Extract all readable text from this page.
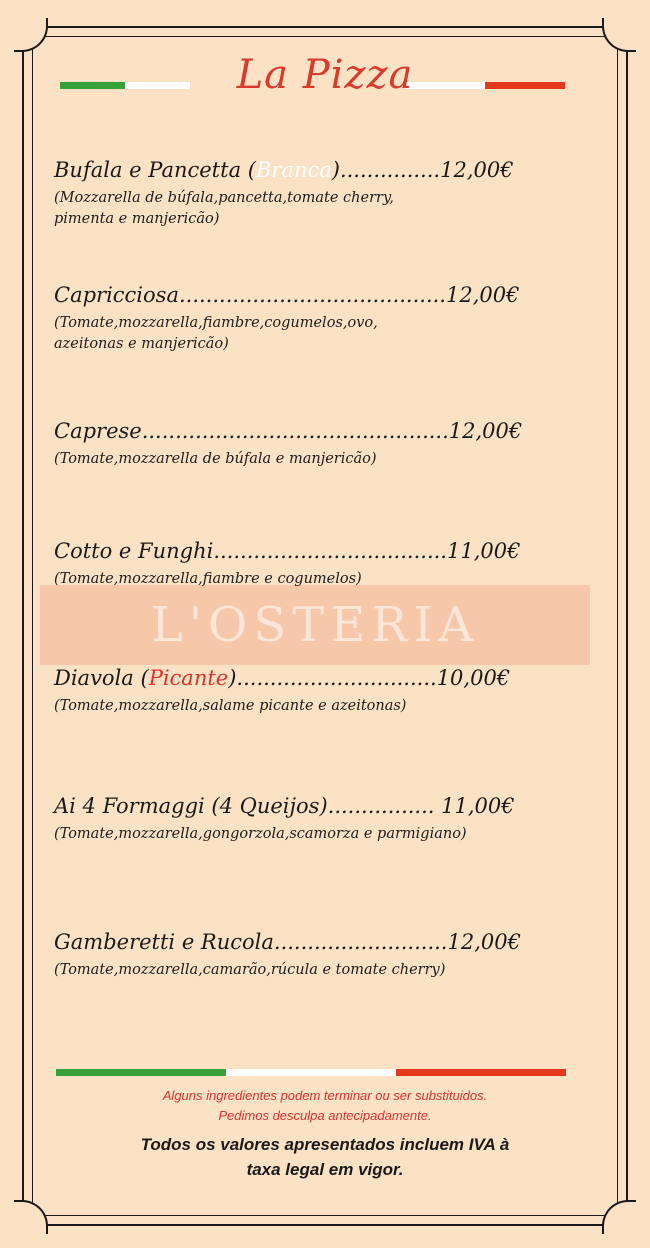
La Pizza
L'OSTERIA
Bufala e Pancetta (Branca)...............12,00€
(Mozzarella de búfala,pancetta,tomate cherry,
pimenta e manjericão)
Capricciosa........................................12,00€
(Tomate,mozzarella,fiambre,cogumelos,ovo,
azeitonas e manjericão)
Caprese..............................................12,00€
(Tomate,mozzarella de búfala e manjericão)
Cotto e Funghi...................................11,00€
(Tomate,mozzarella,fiambre e cogumelos)
Diavola (Picante)..............................10,00€
(Tomate,mozzarella,salame picante e azeitonas)
Ai 4 Formaggi (4 Queijos)................ 11,00€
(Tomate,mozzarella,gongorzola,scamorza e parmigiano)
Gamberetti e Rucola..........................12,00€
(Tomate,mozzarella,camarão,rúcula e tomate cherry)
Alguns ingredientes podem terminar ou ser substituidos.
Pedimos desculpa antecipadamente.
Todos os valores apresentados incluem IVA à
taxa legal em vigor.
